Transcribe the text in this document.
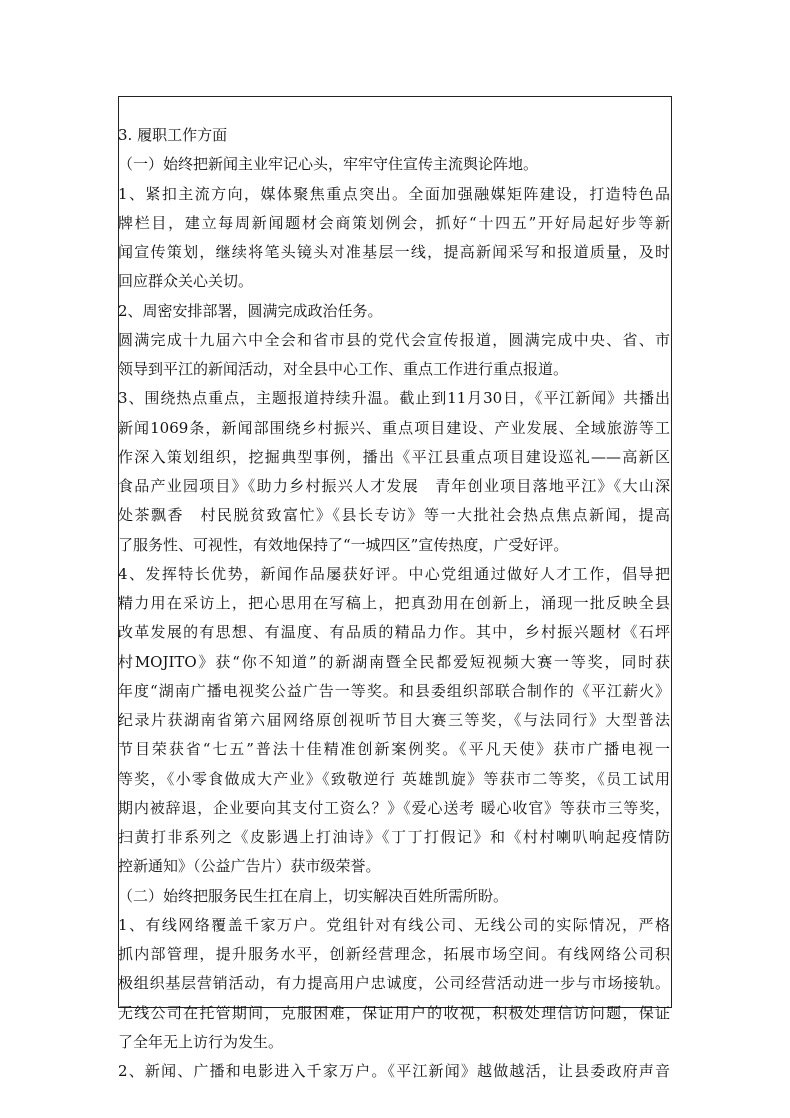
3. 履职工作方面
（一）始终把新闻主业牢记心头，牢牢守住宣传主流舆论阵地。
1、紧扣主流方向，媒体聚焦重点突出。全面加强融媒矩阵建设，打造特色品
牌栏目，建立每周新闻题材会商策划例会，抓好“十四五”开好局起好步等新
闻宣传策划，继续将笔头镜头对准基层一线，提高新闻采写和报道质量，及时
回应群众关心关切。
2、周密安排部署，圆满完成政治任务。
圆满完成十九届六中全会和省市县的党代会宣传报道，圆满完成中央、省、市
领导到平江的新闻活动，对全县中心工作、重点工作进行重点报道。
3、围绕热点重点，主题报道持续升温。截止到11月30日，《平江新闻》共播出
新闻1069条，新闻部围绕乡村振兴、重点项目建设、产业发展、全域旅游等工
作深入策划组织，挖掘典型事例，播出《平江县重点项目建设巡礼——高新区
食品产业园项目》《助力乡村振兴人才发展　青年创业项目落地平江》《大山深
处茶飘香　村民脱贫致富忙》《县长专访》等一大批社会热点焦点新闻，提高
了服务性、可视性，有效地保持了“一城四区”宣传热度，广受好评。
4、发挥特长优势，新闻作品屡获好评。中心党组通过做好人才工作，倡导把
精力用在采访上，把心思用在写稿上，把真劲用在创新上，涌现一批反映全县
改革发展的有思想、有温度、有品质的精品力作。其中，乡村振兴题材《石坪
村MOJITO》获“你不知道”的新湖南暨全民都爱短视频大赛一等奖，同时获
年度“湖南广播电视奖公益广告一等奖。和县委组织部联合制作的《平江薪火》
纪录片获湖南省第六届网络原创视听节目大赛三等奖，《与法同行》大型普法
节目荣获省“七五”普法十佳精准创新案例奖。《平凡天使》获市广播电视一
等奖，《小零食做成大产业》《致敬逆行 英雄凯旋》等获市二等奖，《员工试用
期内被辞退，企业要向其支付工资么？》《爱心送考 暖心收官》等获市三等奖，
扫黄打非系列之《皮影遇上打油诗》《丁丁打假记》和《村村喇叭响起疫情防
控新通知》（公益广告片）获市级荣誉。
（二）始终把服务民生扛在肩上，切实解决百姓所需所盼。
1、有线网络覆盖千家万户。党组针对有线公司、无线公司的实际情况，严格
抓内部管理，提升服务水平，创新经营理念，拓展市场空间。有线网络公司积
极组织基层营销活动，有力提高用户忠诚度，公司经营活动进一步与市场接轨。
无线公司在托管期间，克服困难，保证用户的收视，积极处理信访问题，保证
了全年无上访行为发生。
2、新闻、广播和电影进入千家万户。《平江新闻》越做越活，让县委政府声音
